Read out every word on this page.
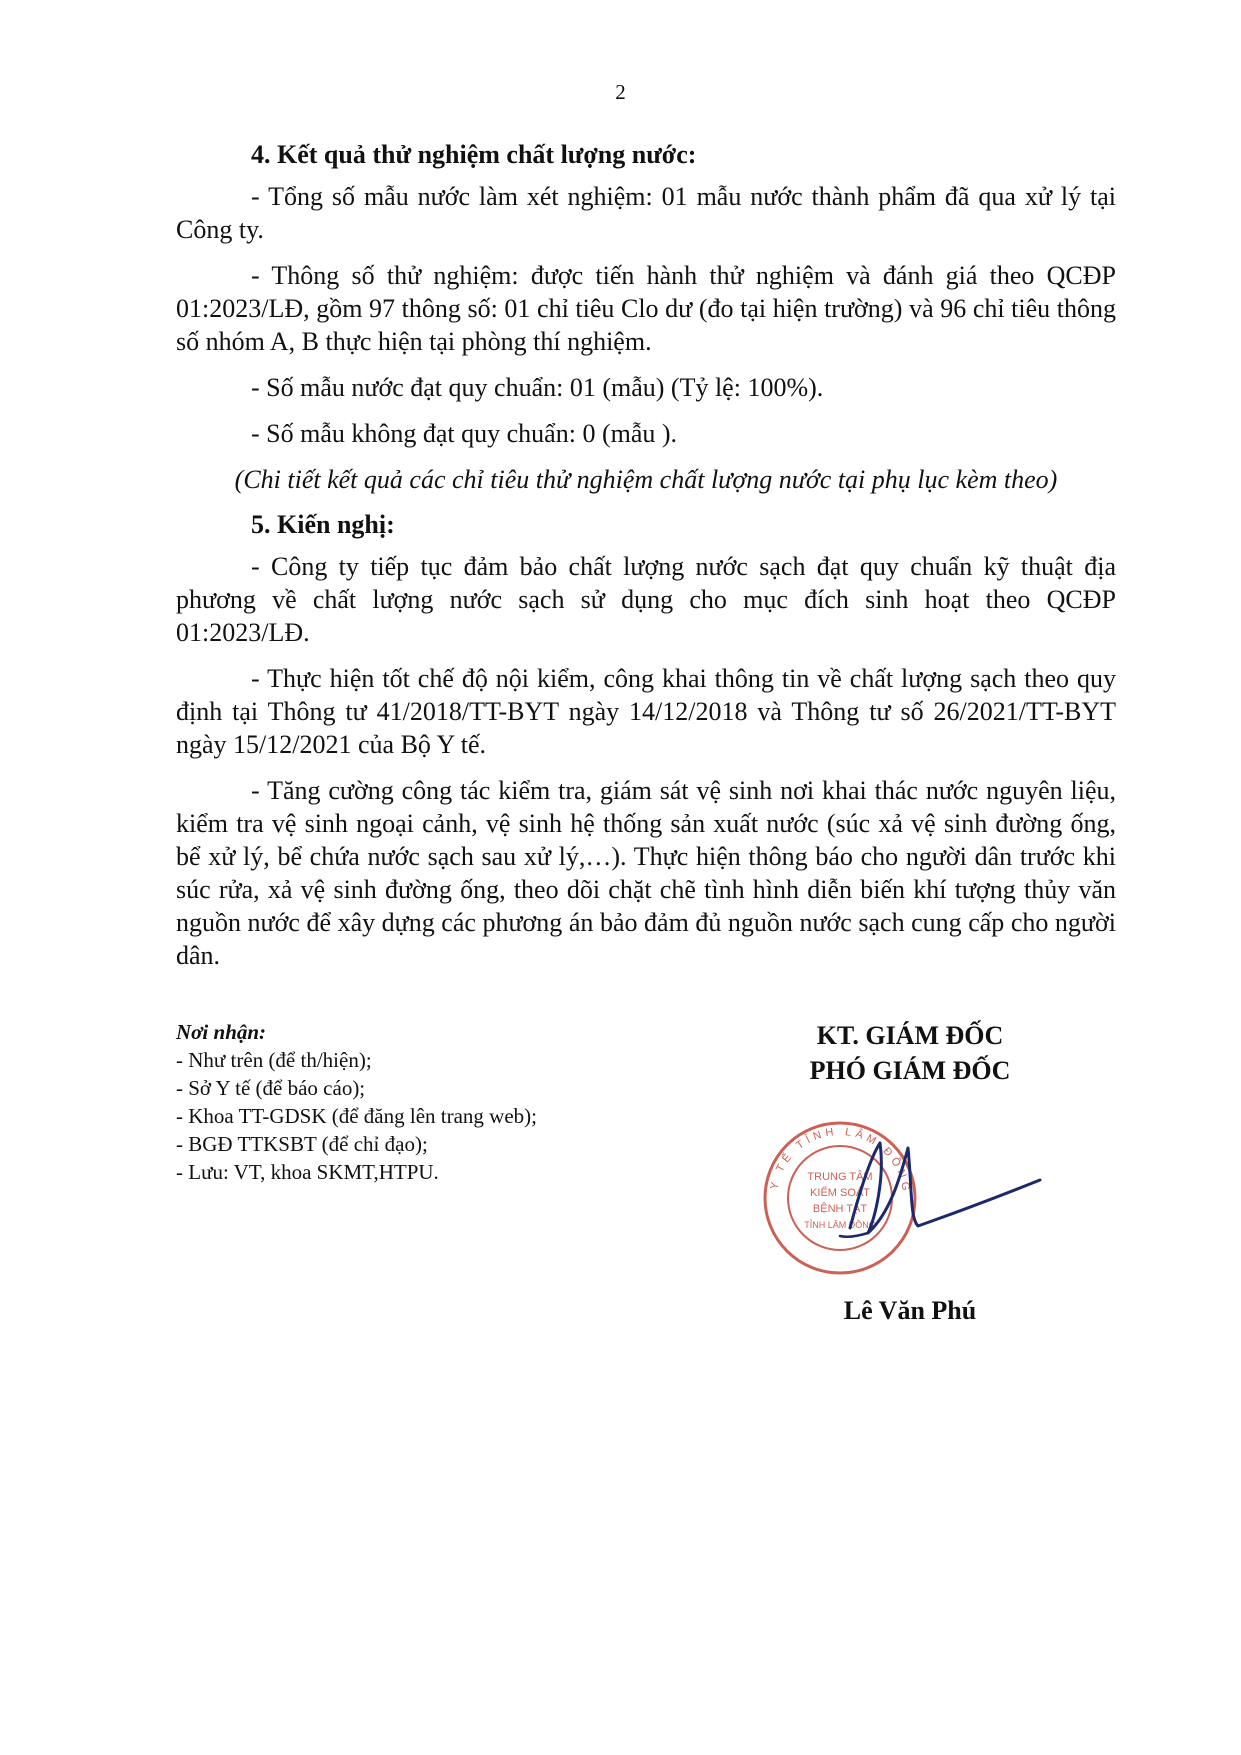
2
4. Kết quả thử nghiệm chất lượng nước:

- Tổng số mẫu nước làm xét nghiệm: 01 mẫu nước thành phẩm đã qua xử lý tại Công ty.

- Thông số thử nghiệm: được tiến hành thử nghiệm và đánh giá theo QCĐP 01:2023/LĐ, gồm 97 thông số: 01 chỉ tiêu Clo dư (đo tại hiện trường) và 96 chỉ tiêu thông số nhóm A, B thực hiện tại phòng thí nghiệm.

- Số mẫu nước đạt quy chuẩn: 01 (mẫu) (Tỷ lệ: 100%).

- Số mẫu không đạt quy chuẩn: 0 (mẫu ).

(Chi tiết kết quả các chỉ tiêu thử nghiệm chất lượng nước tại phụ lục kèm theo)

5. Kiến nghị:

- Công ty tiếp tục đảm bảo chất lượng nước sạch đạt quy chuẩn kỹ thuật địa phương về chất lượng nước sạch sử dụng cho mục đích sinh hoạt theo QCĐP 01:2023/LĐ.

- Thực hiện tốt chế độ nội kiểm, công khai thông tin về chất lượng sạch theo quy định tại Thông tư 41/2018/TT-BYT ngày 14/12/2018 và Thông tư số 26/2021/TT-BYT ngày 15/12/2021 của Bộ Y tế.

- Tăng cường công tác kiểm tra, giám sát vệ sinh nơi khai thác nước nguyên liệu, kiểm tra vệ sinh ngoại cảnh, vệ sinh hệ thống sản xuất nước (súc xả vệ sinh đường ống, bể xử lý, bể chứa nước sạch sau xử lý,…). Thực hiện thông báo cho người dân trước khi súc rửa, xả vệ sinh đường ống, theo dõi chặt chẽ tình hình diễn biến khí tượng thủy văn nguồn nước để xây dựng các phương án bảo đảm đủ nguồn nước sạch cung cấp cho người dân.

Nơi nhận:
- Như trên (để th/hiện);
- Sở Y tế (để báo cáo);
- Khoa TT-GDSK (để đăng lên trang web);
- BGĐ TTKSBT (để chỉ đạo);
- Lưu: VT, khoa SKMT,HTPU.
KT. GIÁM ĐỐC
PHÓ GIÁM ĐỐC
TRUNG TÂM
KIỂM SOÁT
BỆNH TẬT
TỈNH LÂM ĐỒNG
Y TẾ TỈNH LÂM ĐỒNG
Lê Văn Phú
